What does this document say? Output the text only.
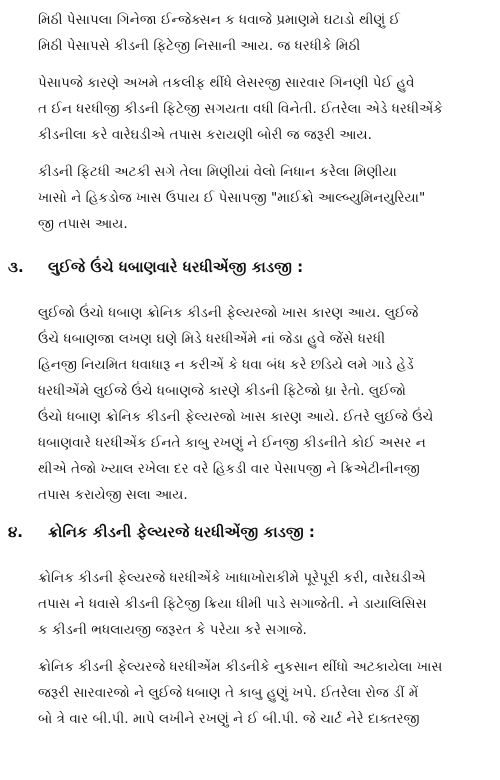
મિઠી પેસાપલા ગિનેજા ઈન્જેક્સન ક ધવાજે પ્રમાણમે ઘટાડો થીણું ઈ
મિઠી પેસાપસે કીડની ફિટેજી નિસાની આય. જ ધરધીકે મિઠી
પેસાપજે કારણે અખમે તકલીફ થીંધે લેસરજી સારવાર ગિનણી પેઈ હુવે
ત ઈન ધરધીજી કીડની ફિટેજી સગયતા વધી વિનેતી. ઈતરેલા એડે ધરધીએંકે
કીડનીલા કરે વારેઘડીએ તપાસ કરાયણી બોરી જ જરૂરી આય.
કીડની ફિટધી અટકી સગે તેલા મિણીયાં વેલો નિધાન કરેલા મિણીયા
ખાસો ને હિકડોજ ખાસ ઉપાય ઈ પેસાપજી "માઈક્રો આલ્બ્યુમિનયુરિયા"
જી તપાસ આય.
૩. લુઈજે ઉંચે ધબાણવારે ધરધીએંજી કાડજી :
લુઈજો ઉંચો ધબાણ ક્રોનિક કીડની ફેલ્યરજો ખાસ કારણ આય. લુઈજે
ઉંચે ધબાણજા લખણ ઘણે મિડે ધરધીએંમે નાં જેડા હુવે જેંસે ધરધી
હિનજી નિયમિત ધવાધારૂ ન કરીએં કે ધવા બંધ કરે છડિયે લમે ગાડે હેડેં
ધરધીએંમે લુઈજે ઉંચે ધબાણજે કારણે કીડની ફિટેજો ધ્રા રેતો. લુઈજો
ઉંચો ધબાણ ક્રોનિક કીડની ફેલ્યરજો ખાસ કારણ આયે. ઈતરે લુઈજે ઉંચે
ધબાણવારે ધરધીએંક ઈનતે કાબુ રખણું ને ઈનજી કીડનીતે કોઈ અસર ન
થીએ તેજો ખ્યાલ રખેલા દર વરે હિકડી વાર પેસાપજી ને ક્રિએટીનીનજી
તપાસ કરાયેજી સલા આય.
૪. ક્રોનિક કીડની ફેલ્યરજે ધરધીએંજી કાડજી :
ક્રોનિક કીડની ફેલ્યરજે ધરધીએંકે ખાધાખોરાકીમે પૂરેપૂરી કરી, વારેઘડીએ
તપાસ ને ધવાસે કીડની ફિટેજી ક્રિયા ધીમી પાડે સગાજેતી. ને ડાયાલિસિસ
ક કીડની ભધલાયજી જરૂરત કે પરેયા કરે સગાજે.
ક્રોનિક કીડની ફેલ્યરજે ધરધીએંમ કીડનીકે નુકસાન થીંધો અટકાયેલા ખાસ
જરૂરી સારવારજો ને લુઈજે ધબાણ તે કાબુ હુણું ખપે. ઈતરેલા રોજ ડીં મેં
બો ત્રે વાર બી.પી. માપે લખીને રખણું ને ઈ બી.પી. જે ચાર્ટ નેરે દાક્તરજી
